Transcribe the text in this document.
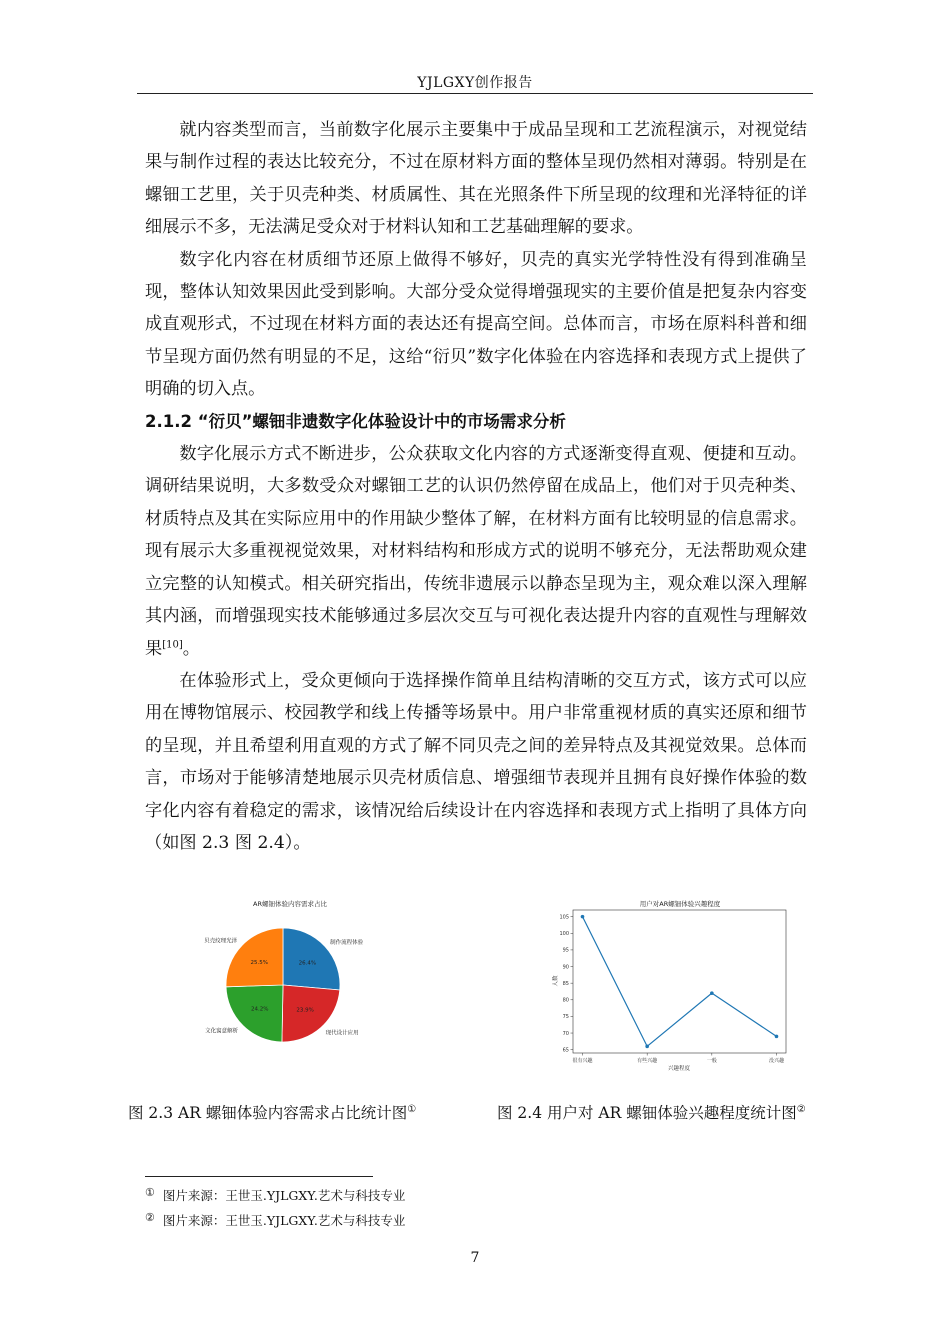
YJLGXY创作报告

就内容类型而言，当前数字化展示主要集中于成品呈现和工艺流程演示，对视觉结果与制作过程的表达比较充分，不过在原材料方面的整体呈现仍然相对薄弱。特别是在螺钿工艺里，关于贝壳种类、材质属性、其在光照条件下所呈现的纹理和光泽特征的详细展示不多，无法满足受众对于材料认知和工艺基础理解的要求。

数字化内容在材质细节还原上做得不够好，贝壳的真实光学特性没有得到准确呈现，整体认知效果因此受到影响。大部分受众觉得增强现实的主要价值是把复杂内容变成直观形式，不过现在材料方面的表达还有提高空间。总体而言，市场在原料科普和细节呈现方面仍然有明显的不足，这给“衍贝”数字化体验在内容选择和表现方式上提供了明确的切入点。

2.1.2 “衍贝”螺钿非遗数字化体验设计中的市场需求分析

数字化展示方式不断进步，公众获取文化内容的方式逐渐变得直观、便捷和互动。调研结果说明，大多数受众对螺钿工艺的认识仍然停留在成品上，他们对于贝壳种类、材质特点及其在实际应用中的作用缺少整体了解，在材料方面有比较明显的信息需求。现有展示大多重视视觉效果，对材料结构和形成方式的说明不够充分，无法帮助观众建立完整的认知模式。相关研究指出，传统非遗展示以静态呈现为主，观众难以深入理解其内涵，而增强现实技术能够通过多层次交互与可视化表达提升内容的直观性与理解效果[10]。

在体验形式上，受众更倾向于选择操作简单且结构清晰的交互方式，该方式可以应用在博物馆展示、校园教学和线上传播等场景中。用户非常重视材质的真实还原和细节的呈现，并且希望利用直观的方式了解不同贝壳之间的差异特点及其视觉效果。总体而言，市场对于能够清楚地展示贝壳材质信息、增强细节表现并且拥有良好操作体验的数字化内容有着稳定的需求，该情况给后续设计在内容选择和表现方式上指明了具体方向（如图 2.3 图 2.4）。

AR螺钿体验内容需求占比
26.4%
制作流程体验
23.9%
现代设计应用
24.2%
文化寓意解析
25.5%
贝壳纹理光泽
用户对AR螺钿体验兴趣程度
65
70
75
80
85
90
95
100
105
很有兴趣	有些兴趣	一般	没兴趣
兴趣程度
人数
图 2.3 AR 螺钿体验内容需求占比统计图①	图 2.4 用户对 AR 螺钿体验兴趣程度统计图②
① 图片来源：王世玉.YJLGXY.艺术与科技专业
② 图片来源：王世玉.YJLGXY.艺术与科技专业
7
